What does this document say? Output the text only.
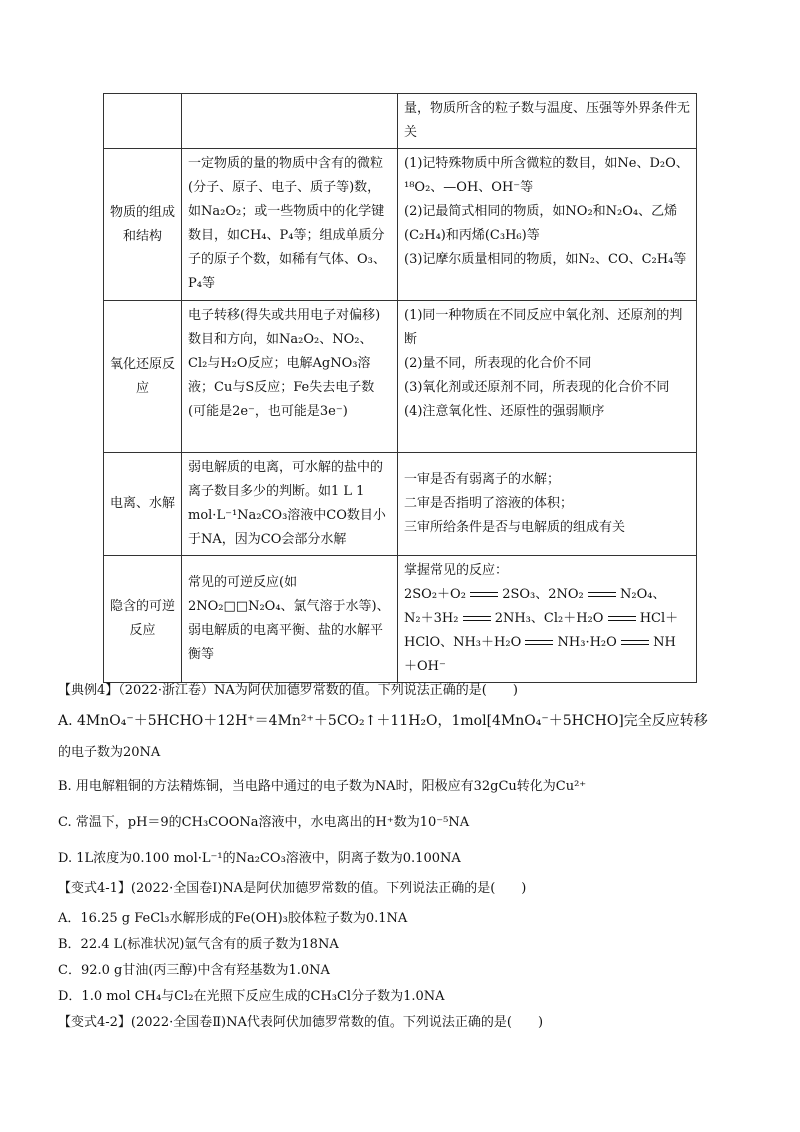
		量，物质所含的粒子数与温度、压强等外界条件无关
物质的组成和结构	一定物质的量的物质中含有的微粒(分子、原子、电子、质子等)数，如Na₂O₂；或一些物质中的化学键数目，如CH₄、P₄等；组成单质分子的原子个数，如稀有气体、O₃、P₄等	(1)记特殊物质中所含微粒的数目，如Ne、D₂O、¹⁸O₂、—OH、OH⁻等
(2)记最简式相同的物质，如NO₂和N₂O₄、乙烯(C₂H₄)和丙烯(C₃H₆)等
(3)记摩尔质量相同的物质，如N₂、CO、C₂H₄等
氧化还原反应	电子转移(得失或共用电子对偏移)数目和方向，如Na₂O₂、NO₂、Cl₂与H₂O反应；电解AgNO₃溶液；Cu与S反应；Fe失去电子数(可能是2e⁻，也可能是3e⁻)	(1)同一种物质在不同反应中氧化剂、还原剂的判断
(2)量不同，所表现的化合价不同
(3)氧化剂或还原剂不同，所表现的化合价不同
(4)注意氧化性、还原性的强弱顺序
电离、水解	弱电解质的电离，可水解的盐中的离子数目多少的判断。如1 L 1 mol·L⁻¹Na₂CO₃溶液中CO数目小于NA，因为CO会部分水解	一审是否有弱离子的水解；
二审是否指明了溶液的体积；
三审所给条件是否与电解质的组成有关
隐含的可逆反应	常见的可逆反应(如2NO₂□□N₂O₄、氯气溶于水等)、弱电解质的电离平衡、盐的水解平衡等	掌握常见的反应：
2SO₂＋O₂ 2SO₃、2NO₂ N₂O₄、
N₂＋3H₂ 2NH₃、Cl₂＋H₂O HCl＋
HClO、NH₃＋H₂O NH₃·H₂O NH
＋OH⁻
【典例4】（2022·浙江卷）NA为阿伏加德罗常数的值。下列说法正确的是(　　)
A. 4MnO₄⁻＋5HCHO＋12H⁺＝4Mn²⁺＋5CO₂↑＋11H₂O，1mol[4MnO₄⁻＋5HCHO]完全反应转移
的电子数为20NA
B. 用电解粗铜的方法精炼铜，当电路中通过的电子数为NA时，阳极应有32gCu转化为Cu²⁺
C. 常温下，pH＝9的CH₃COONa溶液中，水电离出的H⁺数为10⁻⁵NA
D. 1L浓度为0.100 mol·L⁻¹的Na₂CO₃溶液中，阴离子数为0.100NA
【变式4-1】(2022·全国卷Ⅰ)NA是阿伏加德罗常数的值。下列说法正确的是(　　)
A．16.25 g FeCl₃水解形成的Fe(OH)₃胶体粒子数为0.1NA
B．22.4 L(标准状况)氩气含有的质子数为18NA
C．92.0 g甘油(丙三醇)中含有羟基数为1.0NA
D．1.0 mol CH₄与Cl₂在光照下反应生成的CH₃Cl分子数为1.0NA
【变式4-2】(2022·全国卷Ⅱ)NA代表阿伏加德罗常数的值。下列说法正确的是(　　)
